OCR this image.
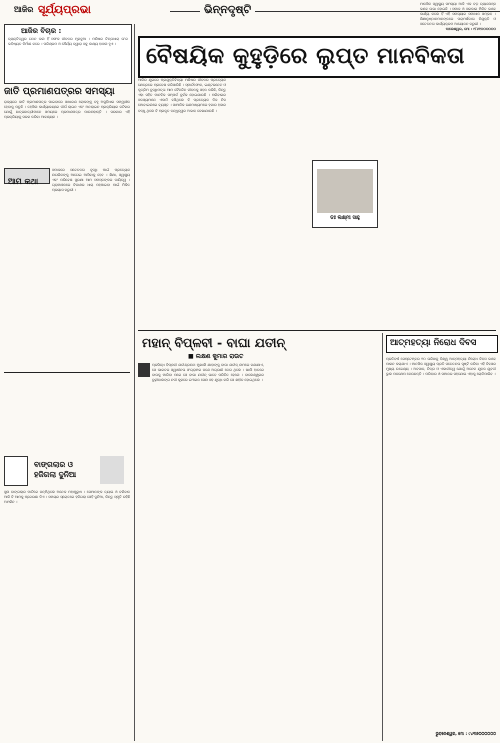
ଆଜିର ସୂର୍ଯ୍ୟପ୍ରଭା	ଭିନ୍ନଦୃଷ୍ଟି
ଆଜିର ବିଚାର :
ବ୍ୟକ୍ତିତ୍ୱର ଗଠନ ଭଲ ହିଁ ସଫଳ ଜୀବନର ମୂଳଦୁଆ । ମଣିଷର ଚିନ୍ତାଧାରା ତା'ର ଭବିଷ୍ୟତ ନିର୍ମାଣ କରେ । ପରିଶ୍ରମ ଓ ଧୈର୍ଯ୍ୟ ଦ୍ୱାରା ସବୁ ଲକ୍ଷ୍ୟ ହାସଲ ହୁଏ ।
ଜାତି ପ୍ରମାଣପତ୍ରର ସମସ୍ୟା
ରାଜ୍ୟରେ ଜାତି ପ୍ରମାଣପତ୍ର ପାଇବାରେ ସାଧାରଣ ଲୋକଙ୍କୁ ବହୁ ଅସୁବିଧାର ସମ୍ମୁଖୀନ ହେବାକୁ ପଡୁଛି । ତହସିଲ କାର୍ଯ୍ୟାଳୟରେ ଦୀର୍ଘ ଲାଇନ ଏବଂ ଅନଲାଇନ ପ୍ରକ୍ରିୟାର ଜଟିଳତା ଯୋଗୁଁ ଛାତ୍ରଛାତ୍ରୀମାନେ ସମୟରେ ପ୍ରମାଣପତ୍ର ପାଉନାହାନ୍ତି । ସରକାର ଏହି ପ୍ରକ୍ରିୟାକୁ ସରଳ କରିବା ଆବଶ୍ୟକ ।
ଆମ କଥା
ସମାଜରେ ସଚେତନତା ବୃଦ୍ଧି ପାଇଁ ପ୍ରତ୍ୟେକ ନାଗରିକଙ୍କୁ ଆଗେଇ ଆସିବାକୁ ହେବ । ଶିକ୍ଷା, ସ୍ୱାସ୍ଥ୍ୟ ଏବଂ ପରିବେଶ ସୁରକ୍ଷା ଆମ ସମସ୍ତଙ୍କର ଦାୟିତ୍ୱ । ଗ୍ରାମାଞ୍ଚଳରେ ବିକାଶର ଧାରା ପହଞ୍ଚାଇବା ପାଇଁ ମିଳିତ ପ୍ରୟାସ ଜରୁରୀ ।
ବାଙ୍ଗଲାର ଓ ହଜିଗଲା ଦୁନିଆ
ସୁନା ବାଙ୍ଗଲାର ମାଟିରେ ଜନ୍ମିଥିଲେ ଅନେକ ମହାପୁରୁଷ । ସେମାନଙ୍କ ତ୍ୟାଗ ଓ ବଳିଦାନ ଆଜି ବି ଆମକୁ ପ୍ରେରଣା ଦିଏ । ସମୟର ସ୍ରୋତରେ ହଜିଗଲା ସେହି ଦୁନିଆ, କିନ୍ତୁ ସ୍ମୃତି ରହିଛି ଅମଳିନ ।
ବୈଷୟିକ କୁହୁଡ଼ିରେ ଲୁପ୍ତ ମାନବିକତା
ଆଜିର ଯୁଗରେ ପ୍ରଯୁକ୍ତିବିଦ୍ୟା ମଣିଷର ଜୀବନର ପ୍ରତ୍ୟେକ କ୍ଷେତ୍ରରେ ପ୍ରବେଶ କରିସାରିଛି । ସ୍ମାର୍ଟଫୋନ, ଇଣ୍ଟରନେଟ ଓ କୃତ୍ରିମ ବୁଦ୍ଧିମତ୍ତା ଆମ ଦୈନନ୍ଦିନ ଜୀବନକୁ ସହଜ କରିଛି, କିନ୍ତୁ ଏହା ସହିତ ମାନବିକ ସମ୍ପର୍କ ଦୁର୍ବଳ ହୋଇଯାଉଛି । ପରିବାରର ସଦସ୍ୟମାନେ ଏକାଠି ବସିଥିଲେ ବି ପ୍ରତ୍ୟେକ ନିଜ ନିଜ ମୋବାଇଲରେ ବ୍ୟସ୍ତ । ସାମାଜିକ ଗଣମାଧ୍ୟମରେ ହଜାର ହଜାର ବନ୍ଧୁ ଥିଲେ ବି ପ୍ରକୃତ ବନ୍ଧୁତ୍ୱର ଅଭାବ ଦେଖାଯାଉଛି ।
ଡଃ ଲକ୍ଷ୍ମୀ ସାହୁ
ମହାନ୍ ବିପ୍ଳବୀ - ବାଘା ଯତୀନ୍
■ ଲକ୍ଷଣ କୁମାର ରାଉତ
ପ୍ରସିଦ୍ଧ ବିପ୍ଳବୀ ଯତୀନ୍ଦ୍ରନାଥ ମୁଖାର୍ଜୀ ଯାହାଙ୍କୁ ବାଘା ଯତୀନ୍ ନାମରେ ଜଣାଯାଏ, ସେ ଭାରତର ସ୍ୱାଧୀନତା ସଂଗ୍ରାମର ଜଣେ ଅଗ୍ରଣୀ ନେତା ଥିଲେ । ଖାଲି ହାତରେ ବାଘକୁ ମାରିବା ପରେ ସେ ବାଘା ଯତୀନ୍ ଭାବେ ପରିଚିତ ହେଲେ । ବାଲେଶ୍ୱରର ବୁଢ଼ୀବାଲଙ୍ଗ ନଦୀ କୂଳରେ ଇଂରେଜ ସେନା ସହ ଯୁଦ୍ଧ କରି ସେ ଶହୀଦ ହୋଇଥିଲେ ।
ଆତ୍ମହତ୍ୟା ନିରୋଧ ଦିବସ
ପ୍ରତିବର୍ଷ ସେପ୍ଟେମ୍ବର ୧୦ ତାରିଖକୁ ବିଶ୍ୱ ଆତ୍ମହତ୍ୟା ନିରୋଧ ଦିବସ ଭାବେ ପାଳନ କରାଯାଏ । ମାନସିକ ସ୍ୱାସ୍ଥ୍ୟ ପ୍ରତି ସଚେତନତା ସୃଷ୍ଟି କରିବା ଏହି ଦିବସର ମୁଖ୍ୟ ଉଦ୍ଦେଶ୍ୟ । ଅବସାଦ, ଚିନ୍ତା ଓ ଏକାକୀତ୍ୱ ଯୋଗୁଁ ଅନେକ ଯୁବକ ଯୁବତୀ ଭୁଲ ପଦକ୍ଷେପ ନେଉଛନ୍ତି । ପରିବାର ଓ ସମାଜର ସହଯୋଗ ଏହାକୁ ରୋକିପାରିବ ।
ଭୁବନେଶ୍ୱର, ମୋ : ୯୪୩୭୦୦୦୦୦୦
ମାନସିକ ସ୍ୱାସ୍ଥ୍ୟ ସମସ୍ୟା ଆଜି ଏକ ବଡ଼ ଚ୍ୟାଲେଞ୍ଜ ଭାବେ ଉଭା ହୋଇଛି । ସମାଜ ଓ ସରକାର ମିଳିତ ଭାବେ କାର୍ଯ୍ୟ କଲେ ହିଁ ଏହି ସମସ୍ୟାର ସମାଧାନ ସମ୍ଭବ । ଶିକ୍ଷାନୁଷ୍ଠାନମାନଙ୍କରେ ପରାମର୍ଶଦାତା ନିଯୁକ୍ତି ଓ ସଚେତନତା କାର୍ଯ୍ୟକ୍ରମ ଆୟୋଜନ ଜରୁରୀ ।
ବାଲେଶ୍ୱର, ମୋ : ୯୮୬୧୦୦୦୦୦୦
